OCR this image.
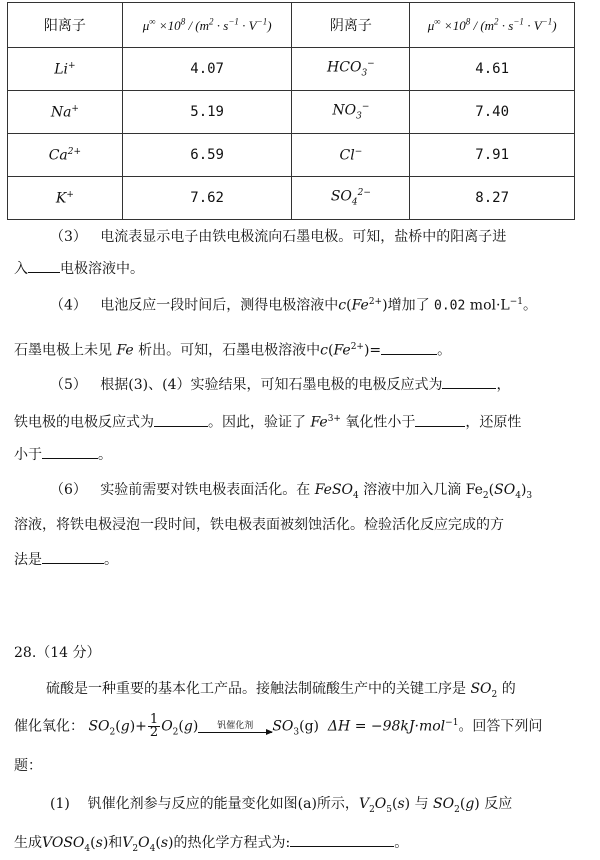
阳离子	$\mu^\infty \times 10^8 / (m^2 \cdot s^{-1} \cdot V^{-1})$	阴离子	$\mu^\infty \times 10^8 / (m^2 \cdot s^{-1} \cdot V^{-1})$
Li+	4.07	$HCO_3^-$	4.61
Na+	5.19	$NO_3^-$	7.40
$Ca^{2+}$	6.59	Cl−	7.91
K+	7.62	$SO_4^{2-}$	8.27
（3） 电流表显示电子由铁电极流向石墨电极。可知，盐桥中的阳离子进
入 电极溶液中。
（4） 电池反应一段时间后，测得电极溶液中$c(Fe^{2+})$增加了 0.02 $mol\cdot L^{-1}$。
石墨电极上未见 Fe 析出。可知，石墨电极溶液中$c(Fe^{2+})=$	。
（5） 根据(3)、(4）实验结果，可知石墨电极的电极反应式为	，
铁电极的电极反应式为	。因此，验证了 $Fe^{3+}$ 氧化性小于	，还原性
小于	。
（6） 实验前需要对铁电极表面活化。在 FeSO$_4$ 溶液中加入几滴 $Fe_2(SO_4)_3$
溶液，将铁电极浸泡一段时间，铁电极表面被刻蚀活化。检验活化反应完成的方
法是	。
28.（14 分）
硫酸是一种重要的基本化工产品。接触法制硫酸生产中的关键工序是 $SO_2$ 的
催化氧化： $SO_2(g)+ \frac{1}{2} O_2(g)$	钒催化剂	$SO_3(g) \Delta H = -98kJ\cdot mol^{-1}$。回答下列问
题：
(1) 钒催化剂参与反应的能量变化如图(a)所示，$V_2O_5(s)$ 与 $SO_2(g)$ 反应
生成$VOSO_4(s)$和$V_2O_4(s)$的热化学方程式为:	。
